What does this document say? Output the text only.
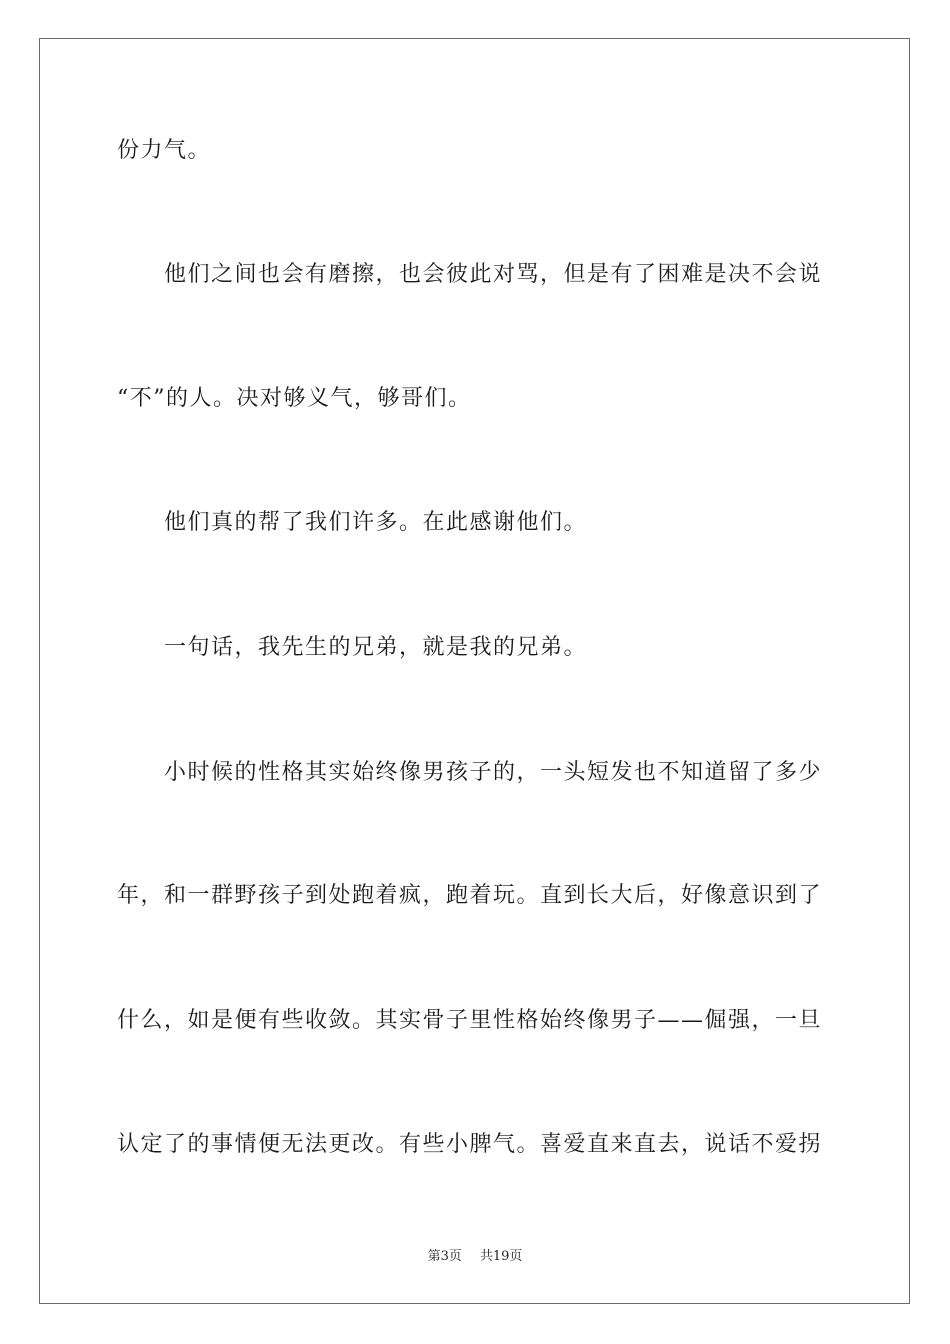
份力气。
他们之间也会有磨擦，也会彼此对骂，但是有了困难是决不会说
“不”的人。决对够义气，够哥们。
他们真的帮了我们许多。在此感谢他们。
一句话，我先生的兄弟，就是我的兄弟。
小时候的性格其实始终像男孩子的，一头短发也不知道留了多少
年，和一群野孩子到处跑着疯，跑着玩。直到长大后，好像意识到了
什么，如是便有些收敛。其实骨子里性格始终像男子——倔强，一旦
认定了的事情便无法更改。有些小脾气。喜爱直来直去，说话不爱拐
第3页 共19页
